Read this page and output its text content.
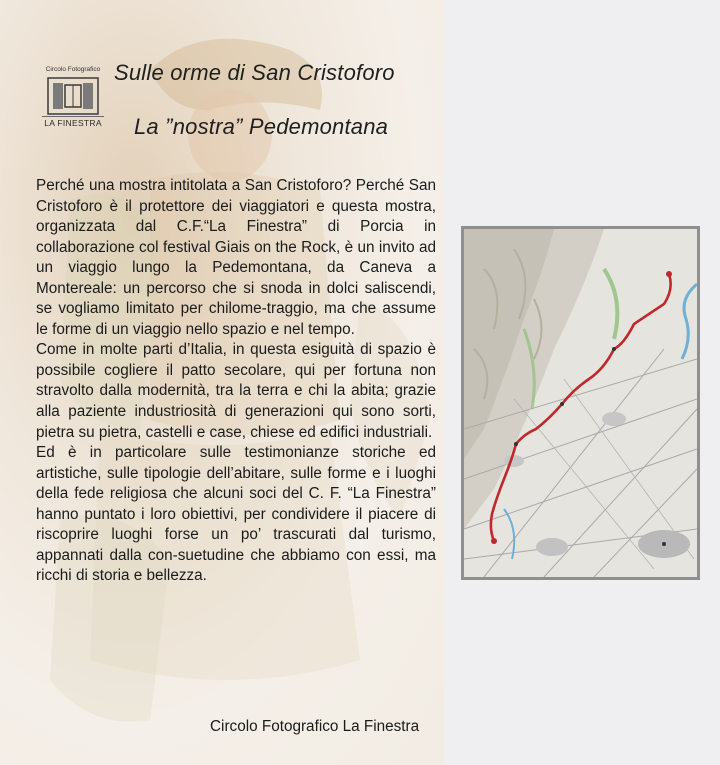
Circolo Fotografico
LA FINESTRA
Sulle orme di San Cristoforo
La ”nostra” Pedemontana

Perché una mostra intitolata a San Cristoforo? Perché San Cristoforo è il protettore dei viaggiatori e questa mostra, organizzata dal C.F.“La Finestra” di Porcia in collaborazione col festival Giais on the Rock, è un invito ad un viaggio lungo la Pedemontana, da Caneva a Montereale: un percorso che si snoda in dolci saliscendi, se vogliamo limitato per chilome-traggio, ma che assume le forme di un viaggio nello spazio e nel tempo.

Come in molte parti d’Italia, in questa esiguità di spazio è possibile cogliere il patto secolare, qui per fortuna non stravolto dalla modernità, tra la terra e chi la abita; grazie alla paziente industriosità di generazioni qui sono sorti, pietra su pietra, castelli e case, chiese ed edifici industriali.

Ed è in particolare sulle testimonianze storiche ed artistiche, sulle tipologie dell’abitare, sulle forme e i luoghi della fede religiosa che alcuni soci del C. F. “La Finestra” hanno puntato i loro obiettivi, per condividere il piacere di riscoprire luoghi forse un po’ trascurati dal turismo, appannati dalla con-suetudine che abbiamo con essi, ma ricchi di storia e bellezza.

Circolo Fotografico La Finestra
